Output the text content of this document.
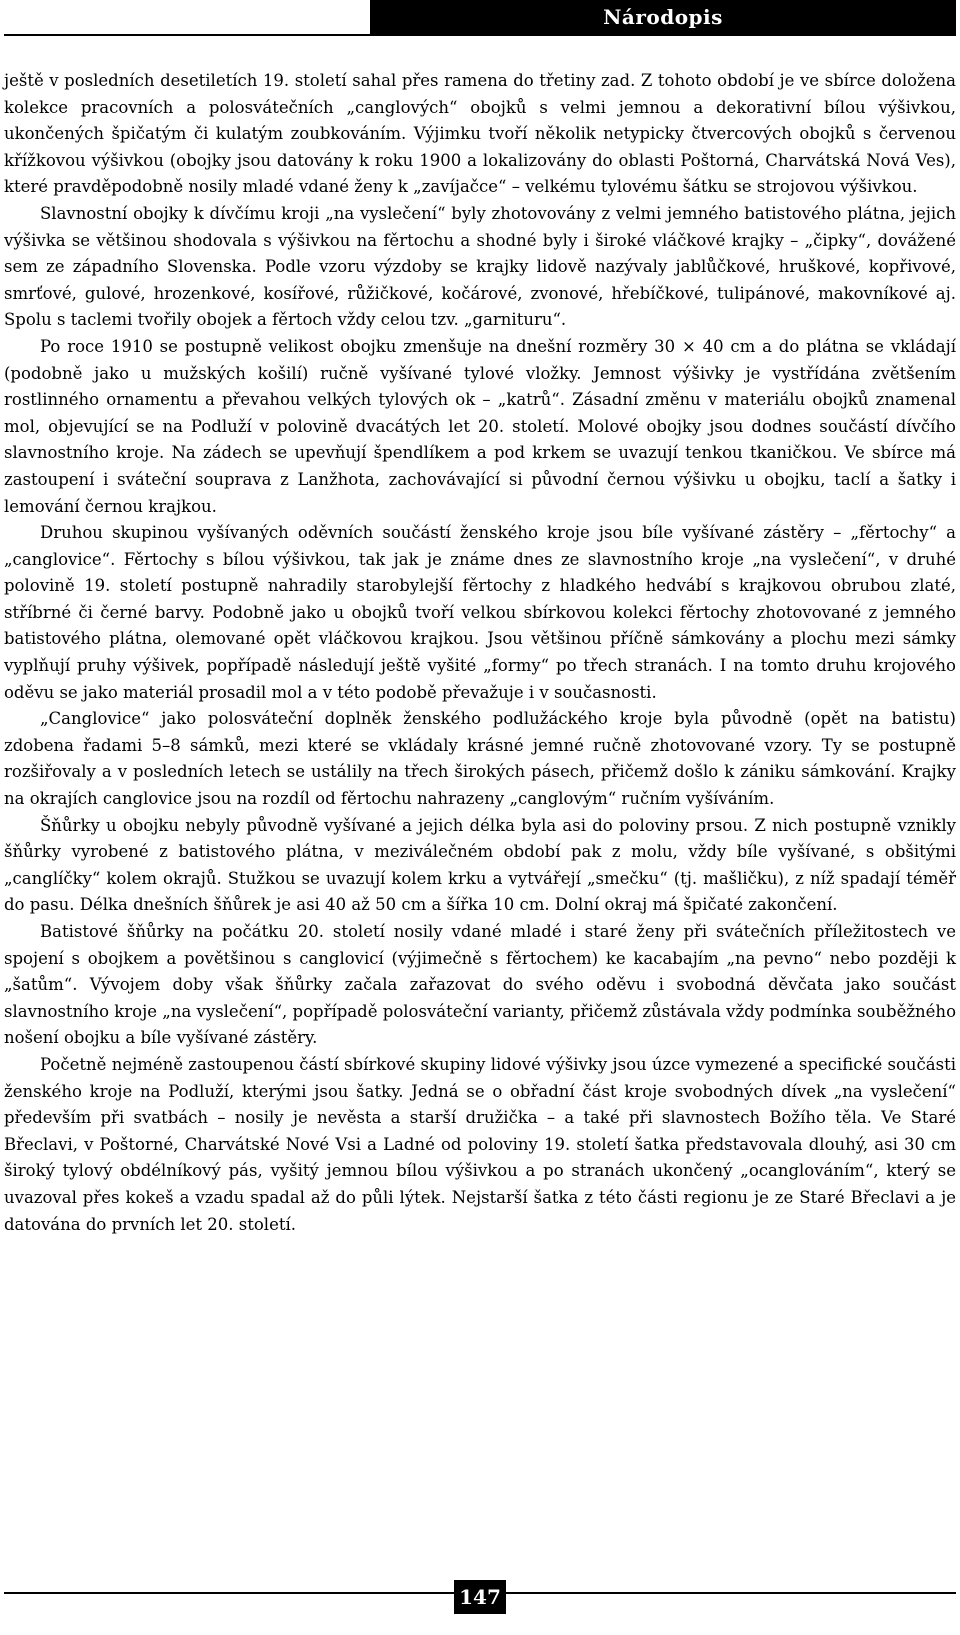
Národopis

ještě v posledních desetiletích 19. století sahal přes ramena do třetiny zad. Z tohoto období je ve sbírce doložena kolekce pracovních a polosvátečních „canglových“ obojků s velmi jemnou a dekorativní bílou výšivkou, ukončených špičatým či kulatým zoubkováním. Výjimku tvoří několik netypicky čtvercových obojků s červenou křížkovou výšivkou (obojky jsou datovány k roku 1900 a lokalizovány do oblasti Poštorná, Charvátská Nová Ves), které pravděpodobně nosily mladé vdané ženy k „zavíjačce“ – velkému tylovému šátku se strojovou výšivkou.

Slavnostní obojky k dívčímu kroji „na vyslečení“ byly zhotovovány z velmi jemného batistového plátna, jejich výšivka se většinou shodovala s výšivkou na fěrtochu a shodné byly i široké vláčkové krajky – „čipky“, dovážené sem ze západního Slovenska. Podle vzoru výzdoby se krajky lidově nazývaly jablůčkové, hruškové, kopřivové, smrťové, gulové, hrozenkové, kosířové, růžičkové, kočárové, zvonové, hřebíčkové, tulipánové, makovníkové aj. Spolu s taclemi tvořily obojek a fěrtoch vždy celou tzv. „garnituru“.

Po roce 1910 se postupně velikost obojku zmenšuje na dnešní rozměry 30 × 40 cm a do plátna se vkládají (podobně jako u mužských košilí) ručně vyšívané tylové vložky. Jemnost výšivky je vystřídána zvětšením rostlinného ornamentu a převahou velkých tylových ok – „katrů“. Zásadní změnu v materiálu obojků znamenal mol, objevující se na Podluží v polovině dvacátých let 20. století. Molové obojky jsou dodnes součástí dívčího slavnostního kroje. Na zádech se upevňují špendlíkem a pod krkem se uvazují tenkou tkaničkou. Ve sbírce má zastoupení i sváteční souprava z Lanžhota, zachovávající si původní černou výšivku u obojku, taclí a šatky i lemování černou krajkou.

Druhou skupinou vyšívaných oděvních součástí ženského kroje jsou bíle vyšívané zástěry – „fěrtochy“ a „canglovice“. Fěrtochy s bílou výšivkou, tak jak je známe dnes ze slavnostního kroje „na vyslečení“, v druhé polovině 19. století postupně nahradily starobylejší fěrtochy z hladkého hedvábí s krajkovou obrubou zlaté, stříbrné či černé barvy. Podobně jako u obojků tvoří velkou sbírkovou kolekci fěrtochy zhotovované z jemného batistového plátna, olemované opět vláčkovou krajkou. Jsou většinou příčně sámkovány a plochu mezi sámky vyplňují pruhy výšivek, popřípadě následují ještě vyšité „formy“ po třech stranách. I na tomto druhu krojového oděvu se jako materiál prosadil mol a v této podobě převažuje i v současnosti.

„Canglovice“ jako polosváteční doplněk ženského podlužáckého kroje byla původně (opět na batistu) zdobena řadami 5–8 sámků, mezi které se vkládaly krásné jemné ručně zhotovované vzory. Ty se postupně rozšiřovaly a v posledních letech se ustálily na třech širokých pásech, přičemž došlo k zániku sámkování. Krajky na okrajích canglovice jsou na rozdíl od fěrtochu nahrazeny „canglovým“ ručním vyšíváním.

Šňůrky u obojku nebyly původně vyšívané a jejich délka byla asi do poloviny prsou. Z nich postupně vznikly šňůrky vyrobené z batistového plátna, v meziválečném období pak z molu, vždy bíle vyšívané, s obšitými „canglíčky“ kolem okrajů. Stužkou se uvazují kolem krku a vytvářejí „smečku“ (tj. mašličku), z níž spadají téměř do pasu. Délka dnešních šňůrek je asi 40 až 50 cm a šířka 10 cm. Dolní okraj má špičaté zakončení.

Batistové šňůrky na počátku 20. století nosily vdané mladé i staré ženy při svátečních příležitostech ve spojení s obojkem a povětšinou s canglovicí (výjimečně s fěrtochem) ke kacabajím „na pevno“ nebo později k „šatům“. Vývojem doby však šňůrky začala zařazovat do svého oděvu i svobodná děvčata jako součást slavnostního kroje „na vyslečení“, popřípadě polosváteční varianty, přičemž zůstávala vždy podmínka souběžného nošení obojku a bíle vyšívané zástěry.

Početně nejméně zastoupenou částí sbírkové skupiny lidové výšivky jsou úzce vymezené a specifické součásti ženského kroje na Podluží, kterými jsou šatky. Jedná se o obřadní část kroje svobodných dívek „na vyslečení“ především při svatbách – nosily je nevěsta a starší družička – a také při slavnostech Božího těla. Ve Staré Břeclavi, v Poštorné, Charvátské Nové Vsi a Ladné od poloviny 19. století šatka představovala dlouhý, asi 30 cm široký tylový obdélníkový pás, vyšitý jemnou bílou výšivkou a po stranách ukončený „ocanglováním“, který se uvazoval přes kokeš a vzadu spadal až do půli lýtek. Nejstarší šatka z této části regionu je ze Staré Břeclavi a je datována do prvních let 20. století.

147
